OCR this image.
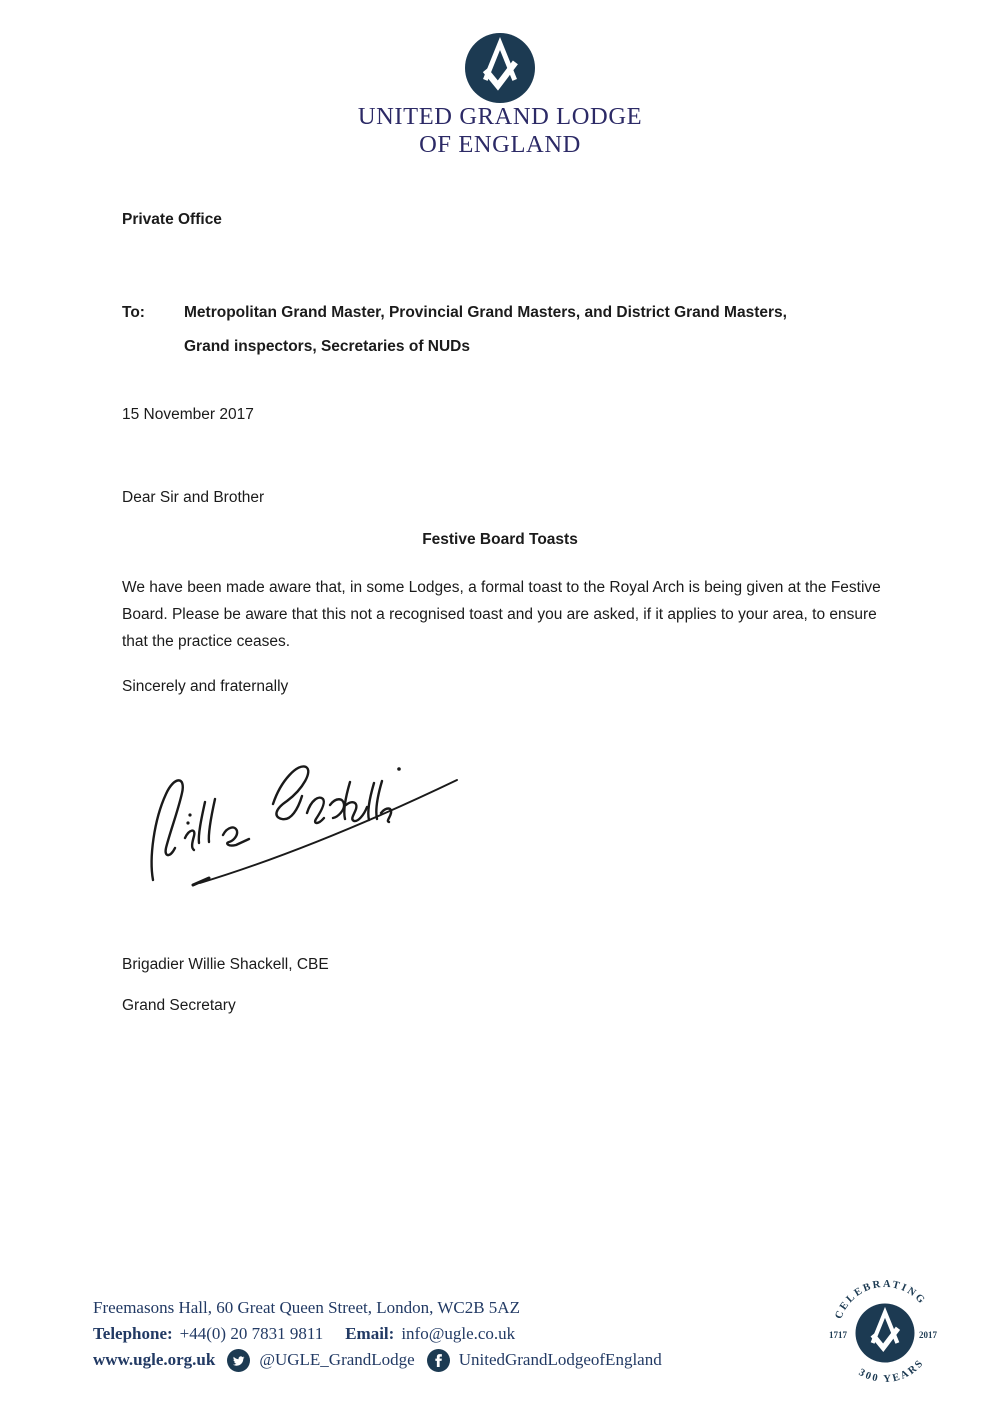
UNITED GRAND LODGE
OF ENGLAND
Private Office
To:	Metropolitan Grand Master, Provincial Grand Masters, and District Grand Masters,
Grand inspectors, Secretaries of NUDs
15 November 2017
Dear Sir and Brother
Festive Board Toasts
We have been made aware that, in some Lodges, a formal toast to the Royal Arch is being given at the Festive Board. Please be aware that this not a recognised toast and you are asked, if it applies to your area, to ensure that the practice ceases.
Sincerely and fraternally
Brigadier Willie Shackell, CBE
Grand Secretary
Freemasons Hall, 60 Great Queen Street, London, WC2B 5AZ
Telephone: +44(0) 20 7831 9811 Email: info@ugle.co.uk
www.ugle.org.uk	@UGLE_GrandLodge	UnitedGrandLodgeofEngland
CELEBRATING
300 YEARS
1717	2017
